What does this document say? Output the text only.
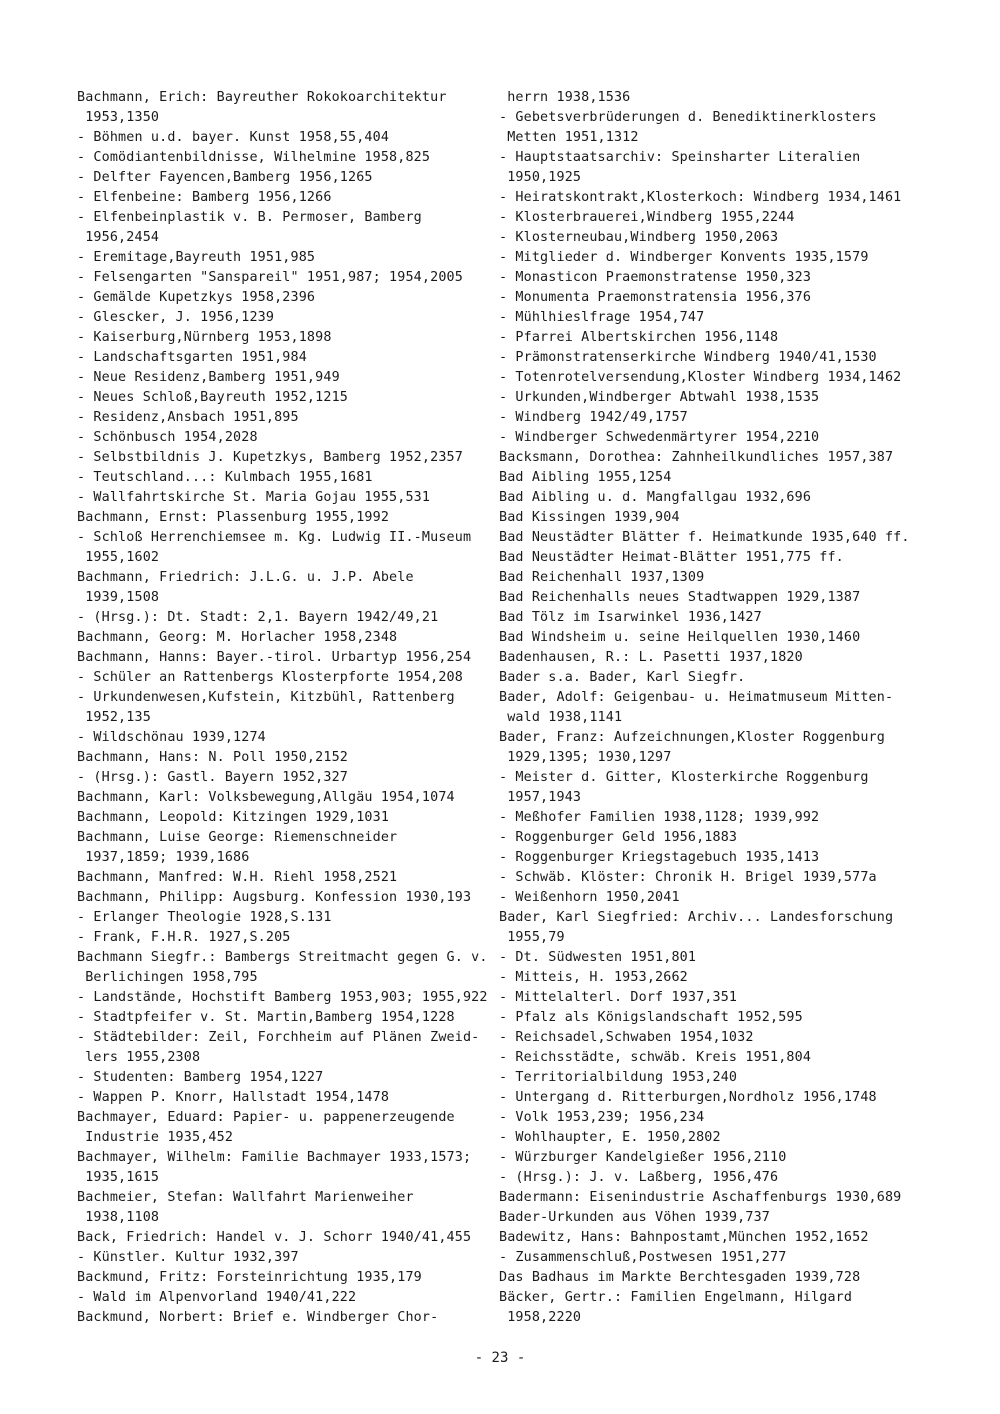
Bachmann, Erich: Bayreuther Rokokoarchitektur
1953,1350
- Böhmen u.d. bayer. Kunst 1958,55,404
- Comödiantenbildnisse, Wilhelmine 1958,825
- Delfter Fayencen,Bamberg 1956,1265
- Elfenbeine: Bamberg 1956,1266
- Elfenbeinplastik v. B. Permoser, Bamberg
1956,2454
- Eremitage,Bayreuth 1951,985
- Felsengarten "Sanspareil" 1951,987; 1954,2005
- Gemälde Kupetzkys 1958,2396
- Glescker, J. 1956,1239
- Kaiserburg,Nürnberg 1953,1898
- Landschaftsgarten 1951,984
- Neue Residenz,Bamberg 1951,949
- Neues Schloß,Bayreuth 1952,1215
- Residenz,Ansbach 1951,895
- Schönbusch 1954,2028
- Selbstbildnis J. Kupetzkys, Bamberg 1952,2357
- Teutschland...: Kulmbach 1955,1681
- Wallfahrtskirche St. Maria Gojau 1955,531
Bachmann, Ernst: Plassenburg 1955,1992
- Schloß Herrenchiemsee m. Kg. Ludwig II.-Museum
1955,1602
Bachmann, Friedrich: J.L.G. u. J.P. Abele
1939,1508
- (Hrsg.): Dt. Stadt: 2,1. Bayern 1942/49,21
Bachmann, Georg: M. Horlacher 1958,2348
Bachmann, Hanns: Bayer.-tirol. Urbartyp 1956,254
- Schüler an Rattenbergs Klosterpforte 1954,208
- Urkundenwesen,Kufstein, Kitzbühl, Rattenberg
1952,135
- Wildschönau 1939,1274
Bachmann, Hans: N. Poll 1950,2152
- (Hrsg.): Gastl. Bayern 1952,327
Bachmann, Karl: Volksbewegung,Allgäu 1954,1074
Bachmann, Leopold: Kitzingen 1929,1031
Bachmann, Luise George: Riemenschneider
1937,1859; 1939,1686
Bachmann, Manfred: W.H. Riehl 1958,2521
Bachmann, Philipp: Augsburg. Konfession 1930,193
- Erlanger Theologie 1928,S.131
- Frank, F.H.R. 1927,S.205
Bachmann Siegfr.: Bambergs Streitmacht gegen G. v.
Berlichingen 1958,795
- Landstände, Hochstift Bamberg 1953,903; 1955,922
- Stadtpfeifer v. St. Martin,Bamberg 1954,1228
- Städtebilder: Zeil, Forchheim auf Plänen Zweid-
lers 1955,2308
- Studenten: Bamberg 1954,1227
- Wappen P. Knorr, Hallstadt 1954,1478
Bachmayer, Eduard: Papier- u. pappenerzeugende
Industrie 1935,452
Bachmayer, Wilhelm: Familie Bachmayer 1933,1573;
1935,1615
Bachmeier, Stefan: Wallfahrt Marienweiher
1938,1108
Back, Friedrich: Handel v. J. Schorr 1940/41,455
- Künstler. Kultur 1932,397
Backmund, Fritz: Forsteinrichtung 1935,179
- Wald im Alpenvorland 1940/41,222
Backmund, Norbert: Brief e. Windberger Chor-
herrn 1938,1536
- Gebetsverbrüderungen d. Benediktinerklosters
Metten 1951,1312
- Hauptstaatsarchiv: Speinsharter Literalien
1950,1925
- Heiratskontrakt,Klosterkoch: Windberg 1934,1461
- Klosterbrauerei,Windberg 1955,2244
- Klosterneubau,Windberg 1950,2063
- Mitglieder d. Windberger Konvents 1935,1579
- Monasticon Praemonstratense 1950,323
- Monumenta Praemonstratensia 1956,376
- Mühlhieslfrage 1954,747
- Pfarrei Albertskirchen 1956,1148
- Prämonstratenserkirche Windberg 1940/41,1530
- Totenrotelversendung,Kloster Windberg 1934,1462
- Urkunden,Windberger Abtwahl 1938,1535
- Windberg 1942/49,1757
- Windberger Schwedenmärtyrer 1954,2210
Backsmann, Dorothea: Zahnheilkundliches 1957,387
Bad Aibling 1955,1254
Bad Aibling u. d. Mangfallgau 1932,696
Bad Kissingen 1939,904
Bad Neustädter Blätter f. Heimatkunde 1935,640 ff.
Bad Neustädter Heimat-Blätter 1951,775 ff.
Bad Reichenhall 1937,1309
Bad Reichenhalls neues Stadtwappen 1929,1387
Bad Tölz im Isarwinkel 1936,1427
Bad Windsheim u. seine Heilquellen 1930,1460
Badenhausen, R.: L. Pasetti 1937,1820
Bader s.a. Bader, Karl Siegfr.
Bader, Adolf: Geigenbau- u. Heimatmuseum Mitten-
wald 1938,1141
Bader, Franz: Aufzeichnungen,Kloster Roggenburg
1929,1395; 1930,1297
- Meister d. Gitter, Klosterkirche Roggenburg
1957,1943
- Meßhofer Familien 1938,1128; 1939,992
- Roggenburger Geld 1956,1883
- Roggenburger Kriegstagebuch 1935,1413
- Schwäb. Klöster: Chronik H. Brigel 1939,577a
- Weißenhorn 1950,2041
Bader, Karl Siegfried: Archiv... Landesforschung
1955,79
- Dt. Südwesten 1951,801
- Mitteis, H. 1953,2662
- Mittelalterl. Dorf 1937,351
- Pfalz als Königslandschaft 1952,595
- Reichsadel,Schwaben 1954,1032
- Reichsstädte, schwäb. Kreis 1951,804
- Territorialbildung 1953,240
- Untergang d. Ritterburgen,Nordholz 1956,1748
- Volk 1953,239; 1956,234
- Wohlhaupter, E. 1950,2802
- Würzburger Kandelgießer 1956,2110
- (Hrsg.): J. v. Laßberg, 1956,476
Badermann: Eisenindustrie Aschaffenburgs 1930,689
Bader-Urkunden aus Vöhen 1939,737
Badewitz, Hans: Bahnpostamt,München 1952,1652
- Zusammenschluß,Postwesen 1951,277
Das Badhaus im Markte Berchtesgaden 1939,728
Bäcker, Gertr.: Familien Engelmann, Hilgard
1958,2220
- 23 -
